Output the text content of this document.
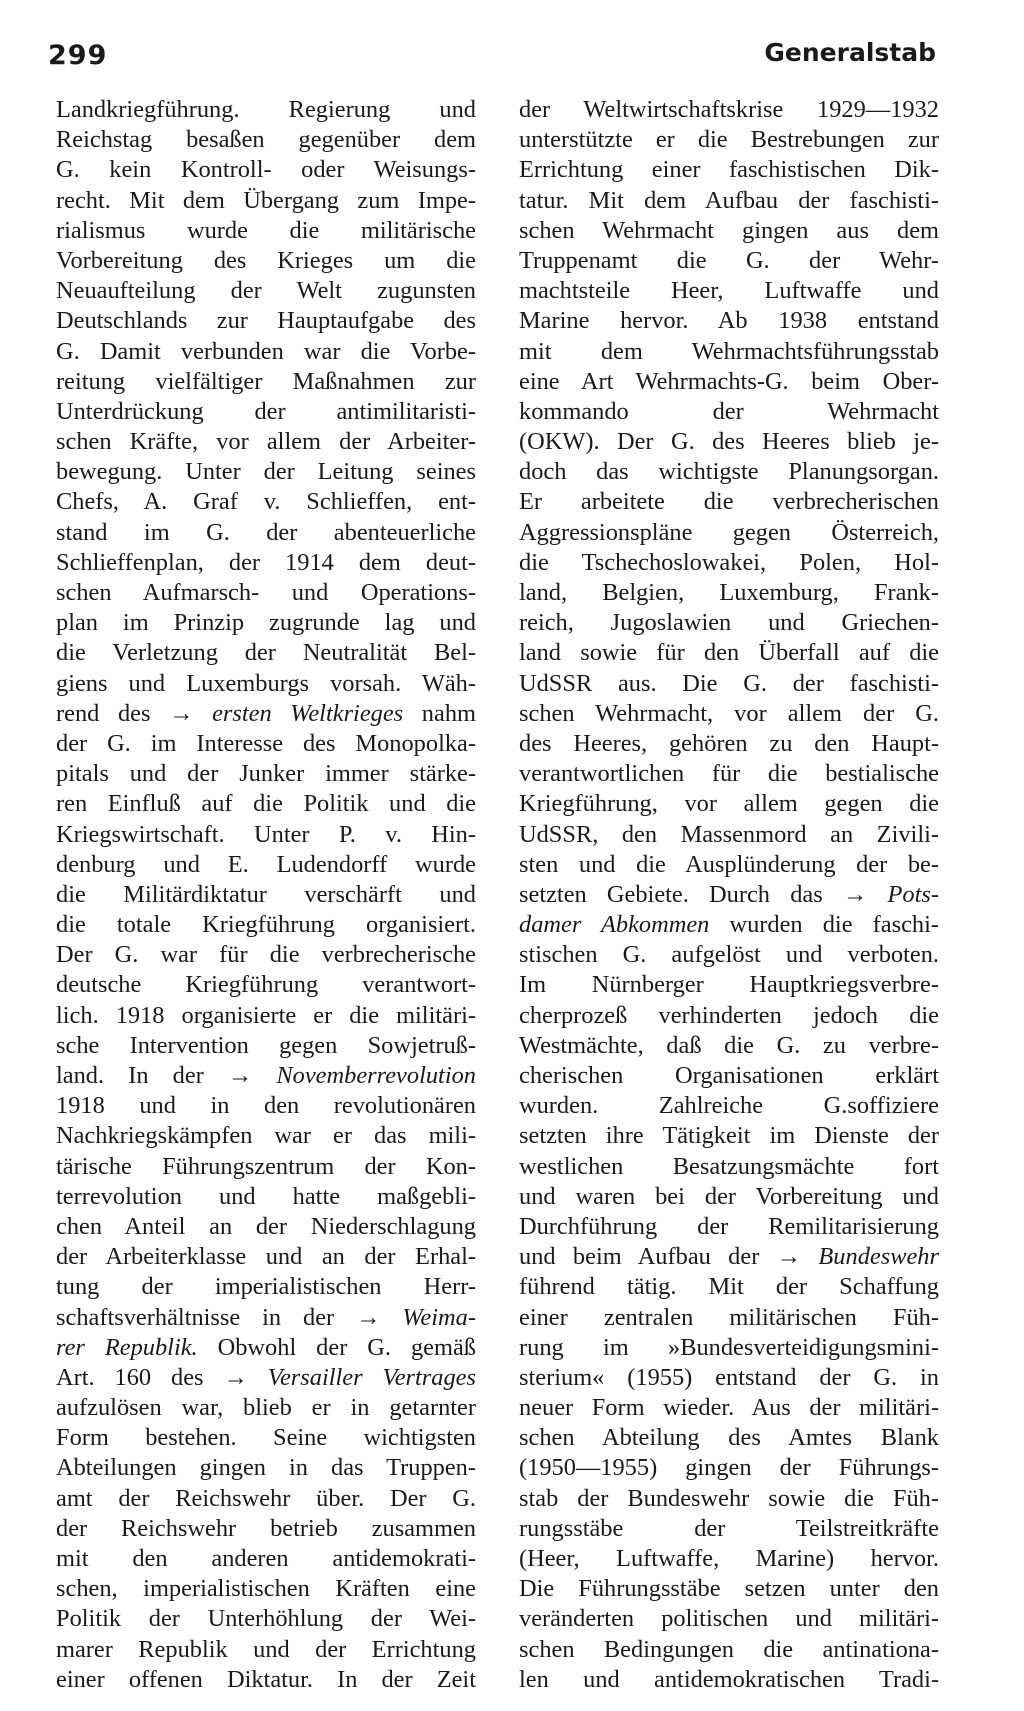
299	Generalstab
Landkriegführung. Regierung und
Reichstag besaßen gegenüber dem
G. kein Kontroll- oder Weisungs-
recht. Mit dem Übergang zum Impe-
rialismus wurde die militärische
Vorbereitung des Krieges um die
Neuaufteilung der Welt zugunsten
Deutschlands zur Hauptaufgabe des
G. Damit verbunden war die Vorbe-
reitung vielfältiger Maßnahmen zur
Unterdrückung der antimilitaristi-
schen Kräfte, vor allem der Arbeiter-
bewegung. Unter der Leitung seines
Chefs, A. Graf v. Schlieffen, ent-
stand im G. der abenteuerliche
Schlieffenplan, der 1914 dem deut-
schen Aufmarsch- und Operations-
plan im Prinzip zugrunde lag und
die Verletzung der Neutralität Bel-
giens und Luxemburgs vorsah. Wäh-
rend des → ersten Weltkrieges nahm
der G. im Interesse des Monopolka-
pitals und der Junker immer stärke-
ren Einfluß auf die Politik und die
Kriegswirtschaft. Unter P. v. Hin-
denburg und E. Ludendorff wurde
die Militärdiktatur verschärft und
die totale Kriegführung organisiert.
Der G. war für die verbrecherische
deutsche Kriegführung verantwort-
lich. 1918 organisierte er die militäri-
sche Intervention gegen Sowjetruß-
land. In der → Novemberrevolution
1918 und in den revolutionären
Nachkriegskämpfen war er das mili-
tärische Führungszentrum der Kon-
terrevolution und hatte maßgebli-
chen Anteil an der Niederschlagung
der Arbeiterklasse und an der Erhal-
tung der imperialistischen Herr-
schaftsverhältnisse in der → Weima-
rer Republik. Obwohl der G. gemäß
Art. 160 des → Versailler Vertrages
aufzulösen war, blieb er in getarnter
Form bestehen. Seine wichtigsten
Abteilungen gingen in das Truppen-
amt der Reichswehr über. Der G.
der Reichswehr betrieb zusammen
mit den anderen antidemokrati-
schen, imperialistischen Kräften eine
Politik der Unterhöhlung der Wei-
marer Republik und der Errichtung
einer offenen Diktatur. In der Zeit
der Weltwirtschaftskrise 1929—1932
unterstützte er die Bestrebungen zur
Errichtung einer faschistischen Dik-
tatur. Mit dem Aufbau der faschisti-
schen Wehrmacht gingen aus dem
Truppenamt die G. der Wehr-
machtsteile Heer, Luftwaffe und
Marine hervor. Ab 1938 entstand
mit dem Wehrmachtsführungsstab
eine Art Wehrmachts-G. beim Ober-
kommando der Wehrmacht
(OKW). Der G. des Heeres blieb je-
doch das wichtigste Planungsorgan.
Er arbeitete die verbrecherischen
Aggressionspläne gegen Österreich,
die Tschechoslowakei, Polen, Hol-
land, Belgien, Luxemburg, Frank-
reich, Jugoslawien und Griechen-
land sowie für den Überfall auf die
UdSSR aus. Die G. der faschisti-
schen Wehrmacht, vor allem der G.
des Heeres, gehören zu den Haupt-
verantwortlichen für die bestialische
Kriegführung, vor allem gegen die
UdSSR, den Massenmord an Zivili-
sten und die Ausplünderung der be-
setzten Gebiete. Durch das → Pots-
damer Abkommen wurden die faschi-
stischen G. aufgelöst und verboten.
Im Nürnberger Hauptkriegsverbre-
cherprozeß verhinderten jedoch die
Westmächte, daß die G. zu verbre-
cherischen Organisationen erklärt
wurden. Zahlreiche G.soffiziere
setzten ihre Tätigkeit im Dienste der
westlichen Besatzungsmächte fort
und waren bei der Vorbereitung und
Durchführung der Remilitarisierung
und beim Aufbau der → Bundeswehr
führend tätig. Mit der Schaffung
einer zentralen militärischen Füh-
rung im »Bundesverteidigungsmini-
sterium« (1955) entstand der G. in
neuer Form wieder. Aus der militäri-
schen Abteilung des Amtes Blank
(1950—1955) gingen der Führungs-
stab der Bundeswehr sowie die Füh-
rungsstäbe der Teilstreitkräfte
(Heer, Luftwaffe, Marine) hervor.
Die Führungsstäbe setzen unter den
veränderten politischen und militäri-
schen Bedingungen die antinationa-
len und antidemokratischen Tradi-
